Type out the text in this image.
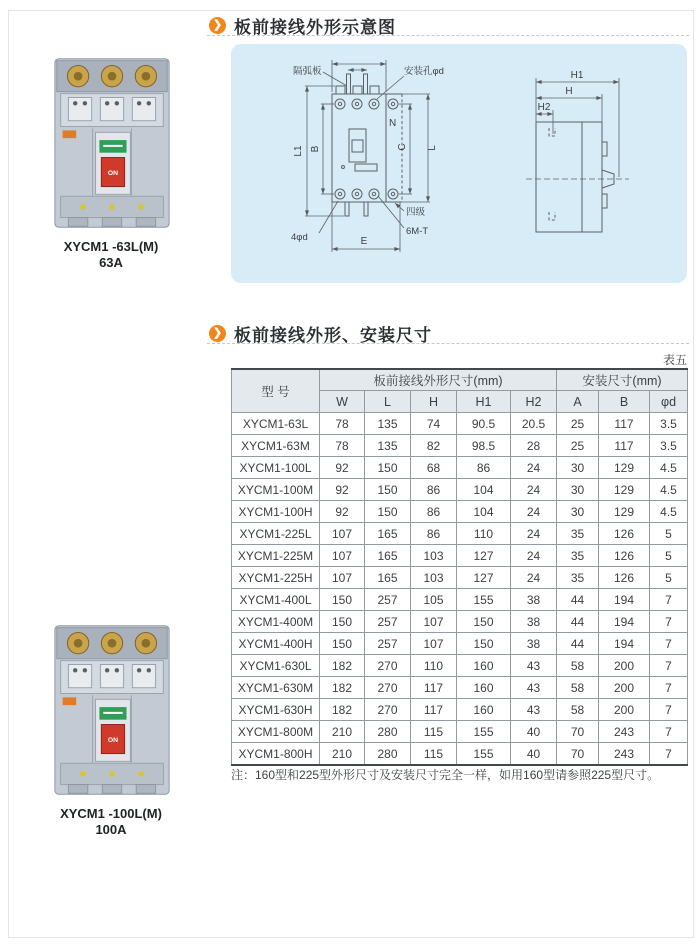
ON
XYCM1 -63L(M)
63A
ON
XYCM1 -100L(M)
100A
❯ 板前接线外形示意图
L1 B
N
C L
E
隔弧板	安装孔φd
4φd
6M-T
四级
H1
H
H2
❯ 板前接线外形、安装尺寸
表五
型 号	板前接线外形尺寸(mm)					安装尺寸(mm)		
	W	L	H	H1	H2	A	B	φd
XYCM1-63L	78	135	74	90.5	20.5	25	117	3.5
XYCM1-63M	78	135	82	98.5	28	25	117	3.5
XYCM1-100L	92	150	68	86	24	30	129	4.5
XYCM1-100M	92	150	86	104	24	30	129	4.5
XYCM1-100H	92	150	86	104	24	30	129	4.5
XYCM1-225L	107	165	86	110	24	35	126	5
XYCM1-225M	107	165	103	127	24	35	126	5
XYCM1-225H	107	165	103	127	24	35	126	5
XYCM1-400L	150	257	105	155	38	44	194	7
XYCM1-400M	150	257	107	150	38	44	194	7
XYCM1-400H	150	257	107	150	38	44	194	7
XYCM1-630L	182	270	110	160	43	58	200	7
XYCM1-630M	182	270	117	160	43	58	200	7
XYCM1-630H	182	270	117	160	43	58	200	7
XYCM1-800M	210	280	115	155	40	70	243	7
XYCM1-800H	210	280	115	155	40	70	243	7
注：160型和225型外形尺寸及安装尺寸完全一样，如用160型请参照225型尺寸。
